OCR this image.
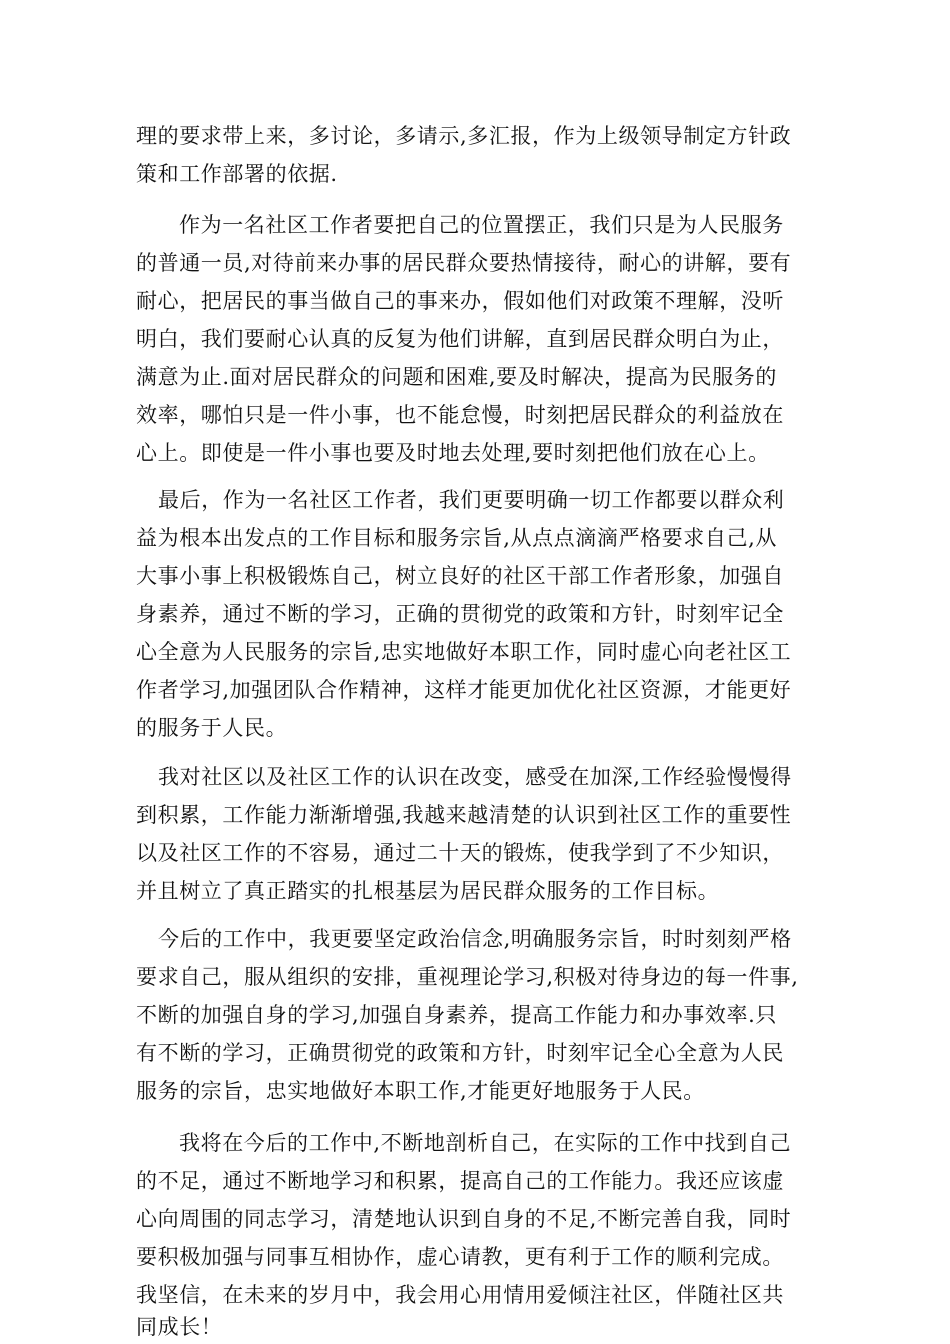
理的要求带上来，多讨论，多请示,多汇报，作为上级领导制定方针政
策和工作部署的依据.
作为一名社区工作者要把自己的位置摆正，我们只是为人民服务
的普通一员,对待前来办事的居民群众要热情接待，耐心的讲解，要有
耐心，把居民的事当做自己的事来办，假如他们对政策不理解，没听
明白，我们要耐心认真的反复为他们讲解，直到居民群众明白为止，
满意为止.面对居民群众的问题和困难,要及时解决，提高为民服务的
效率，哪怕只是一件小事，也不能怠慢，时刻把居民群众的利益放在
心上。即使是一件小事也要及时地去处理,要时刻把他们放在心上。
最后，作为一名社区工作者，我们更要明确一切工作都要以群众利
益为根本出发点的工作目标和服务宗旨,从点点滴滴严格要求自己,从
大事小事上积极锻炼自己，树立良好的社区干部工作者形象，加强自
身素养，通过不断的学习，正确的贯彻党的政策和方针，时刻牢记全
心全意为人民服务的宗旨,忠实地做好本职工作，同时虚心向老社区工
作者学习,加强团队合作精神，这样才能更加优化社区资源，才能更好
的服务于人民。
我对社区以及社区工作的认识在改变，感受在加深,工作经验慢慢得
到积累，工作能力渐渐增强,我越来越清楚的认识到社区工作的重要性
以及社区工作的不容易，通过二十天的锻炼，使我学到了不少知识，
并且树立了真正踏实的扎根基层为居民群众服务的工作目标。
今后的工作中，我更要坚定政治信念,明确服务宗旨，时时刻刻严格
要求自己，服从组织的安排，重视理论学习,积极对待身边的每一件事,
不断的加强自身的学习,加强自身素养，提高工作能力和办事效率.只
有不断的学习，正确贯彻党的政策和方针，时刻牢记全心全意为人民
服务的宗旨，忠实地做好本职工作,才能更好地服务于人民。
我将在今后的工作中,不断地剖析自己，在实际的工作中找到自己
的不足，通过不断地学习和积累，提高自己的工作能力。我还应该虚
心向周围的同志学习，清楚地认识到自身的不足,不断完善自我，同时
要积极加强与同事互相协作，虚心请教，更有利于工作的顺利完成。
我坚信，在未来的岁月中，我会用心用情用爱倾注社区，伴随社区共
同成长！
